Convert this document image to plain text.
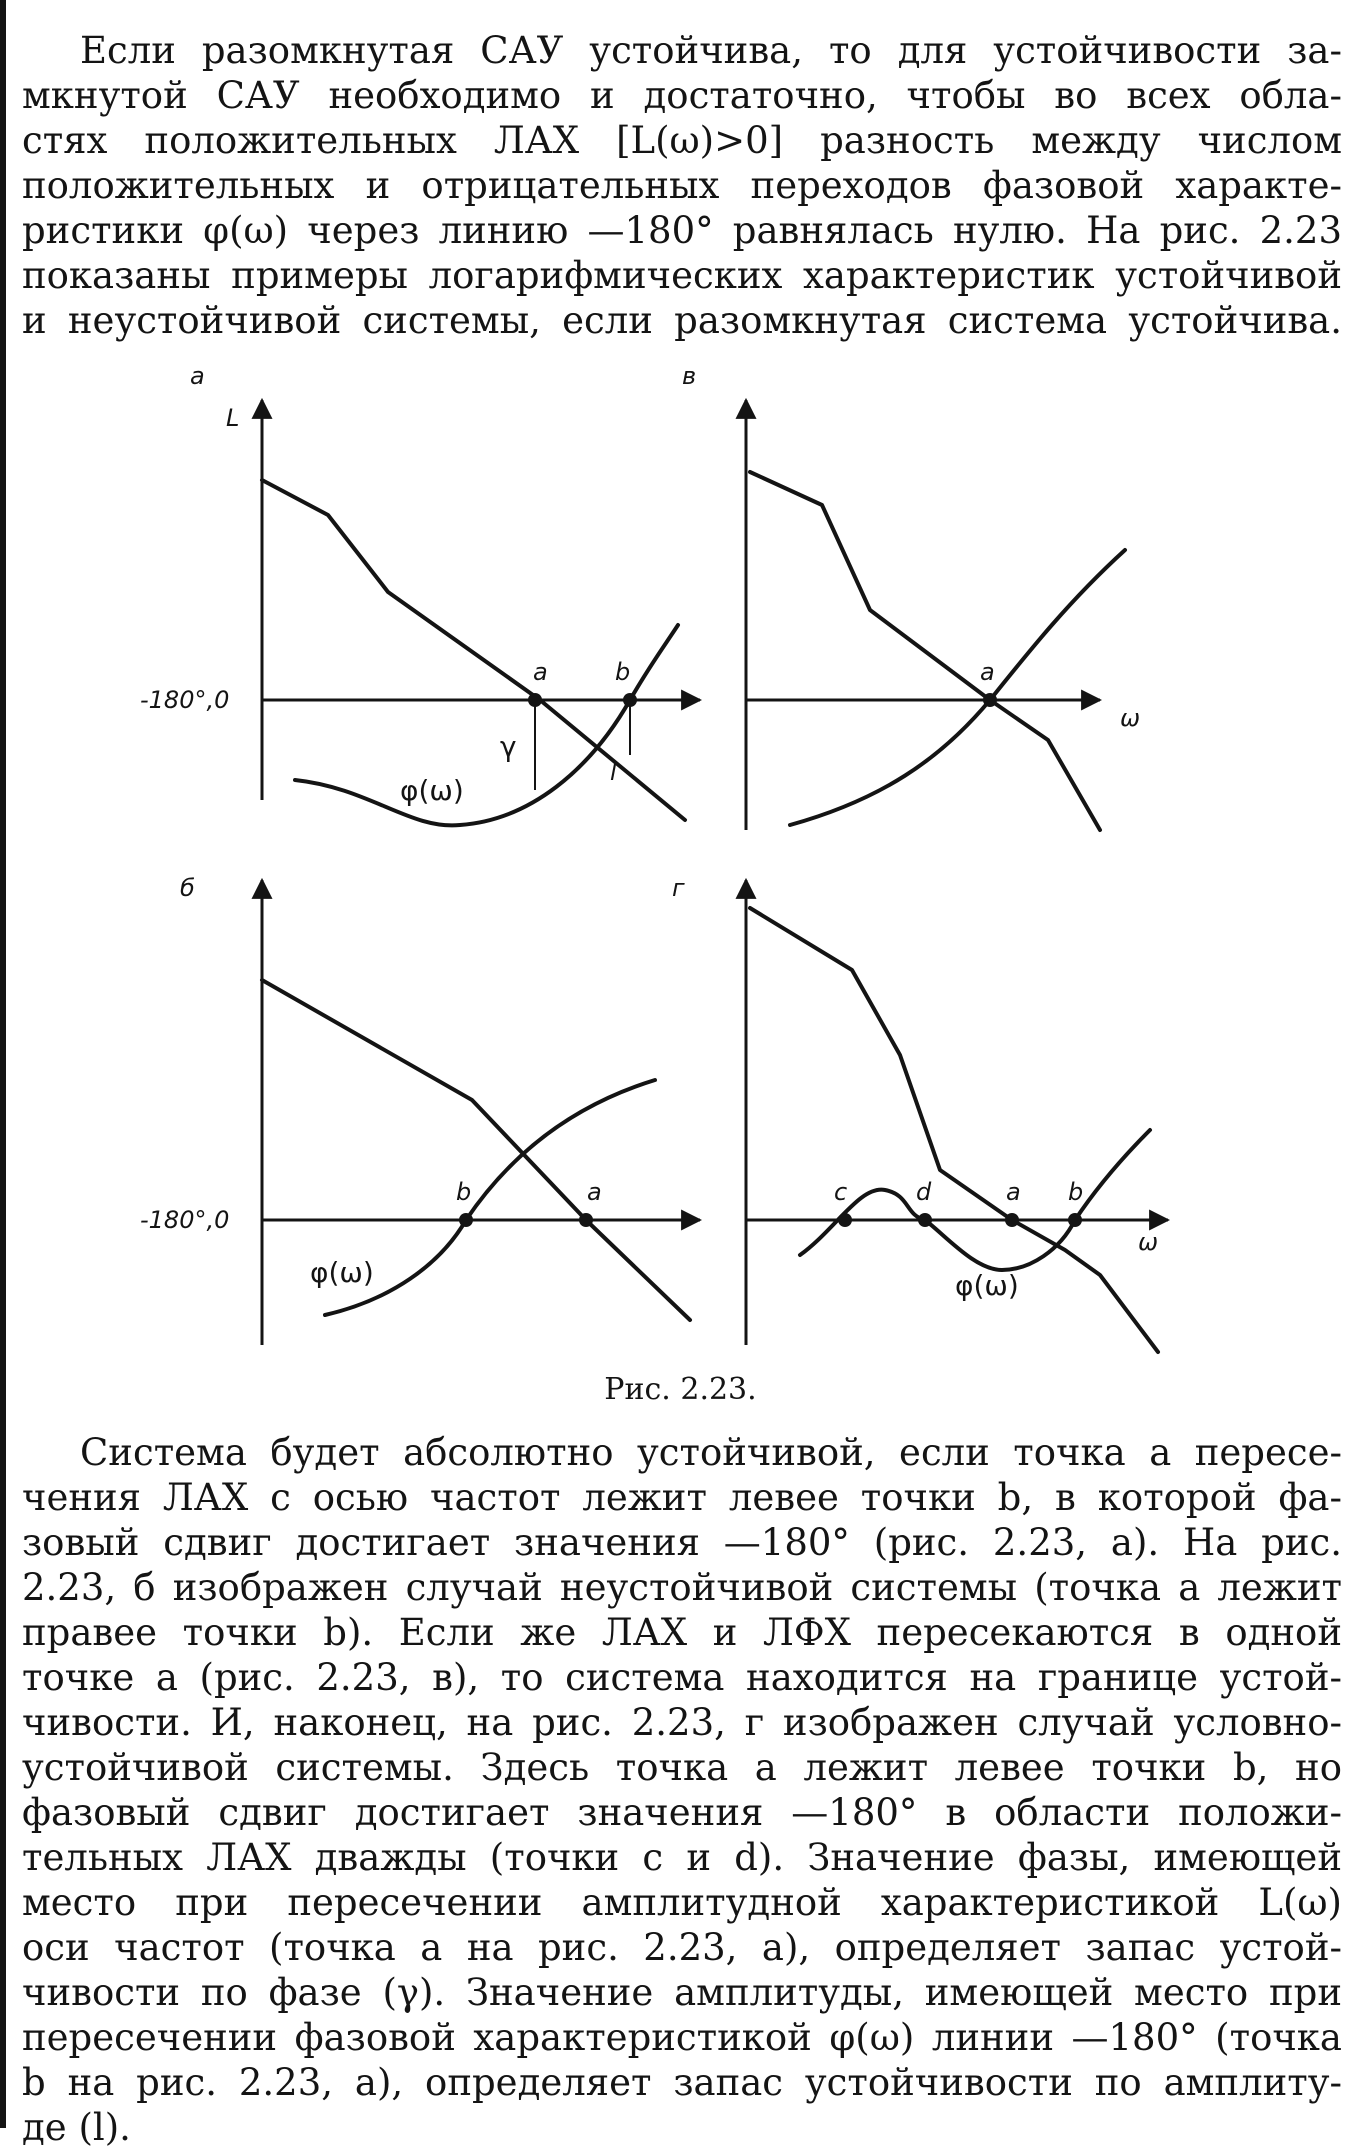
Если разомкнутая САУ устойчива, то для устойчивости за-
мкнутой САУ необходимо и достаточно, чтобы во всех обла-
стях положительных ЛАХ [L(ω)>0] разность между числом
положительных и отрицательных переходов фазовой характе-
ристики φ(ω) через линию —180° равнялась нулю. На рис. 2.23
показаны примеры логарифмических характеристик устойчивой
и неустойчивой системы, если разомкнутая система устойчива.
а
L
-180°,0
a	b
φ(ω)
γ
l
в
a
ω
б
-180°,0
b	a
φ(ω)
г
c	d	a b
φ(ω)
ω
Рис. 2.23.
Система будет абсолютно устойчивой, если точка a пересе-
чения ЛАХ с осью частот лежит левее точки b, в которой фа-
зовый сдвиг достигает значения —180° (рис. 2.23, а). На рис.
2.23, б изображен случай неустойчивой системы (точка a лежит
правее точки b). Если же ЛАХ и ЛФХ пересекаются в одной
точке a (рис. 2.23, в), то система находится на границе устой-
чивости. И, наконец, на рис. 2.23, г изображен случай условно-
устойчивой системы. Здесь точка a лежит левее точки b, но
фазовый сдвиг достигает значения —180° в области положи-
тельных ЛАХ дважды (точки c и d). Значение фазы, имеющей
место при пересечении амплитудной характеристикой L(ω)
оси частот (точка a на рис. 2.23, а), определяет запас устой-
чивости по фазе (γ). Значение амплитуды, имеющей место при
пересечении фазовой характеристикой φ(ω) линии —180° (точка
b на рис. 2.23, а), определяет запас устойчивости по амплиту-
де (l).
